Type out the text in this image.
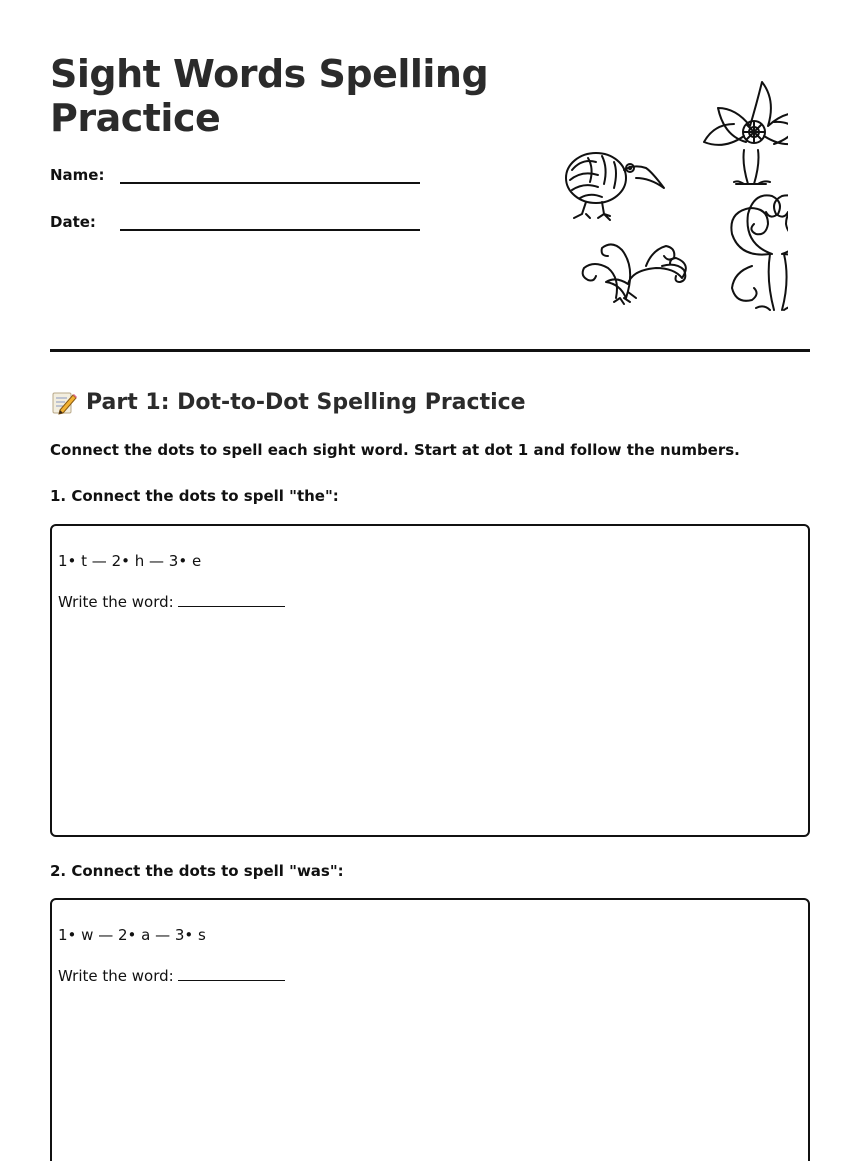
Sight Words Spelling Practice
Name:
Date:
Part 1: Dot-to-Dot Spelling Practice

Connect the dots to spell each sight word. Start at dot 1 and follow the numbers.

1. Connect the dots to spell "the":

1• t — 2• h — 3• e

Write the word:

2. Connect the dots to spell "was":

1• w — 2• a — 3• s

Write the word:
